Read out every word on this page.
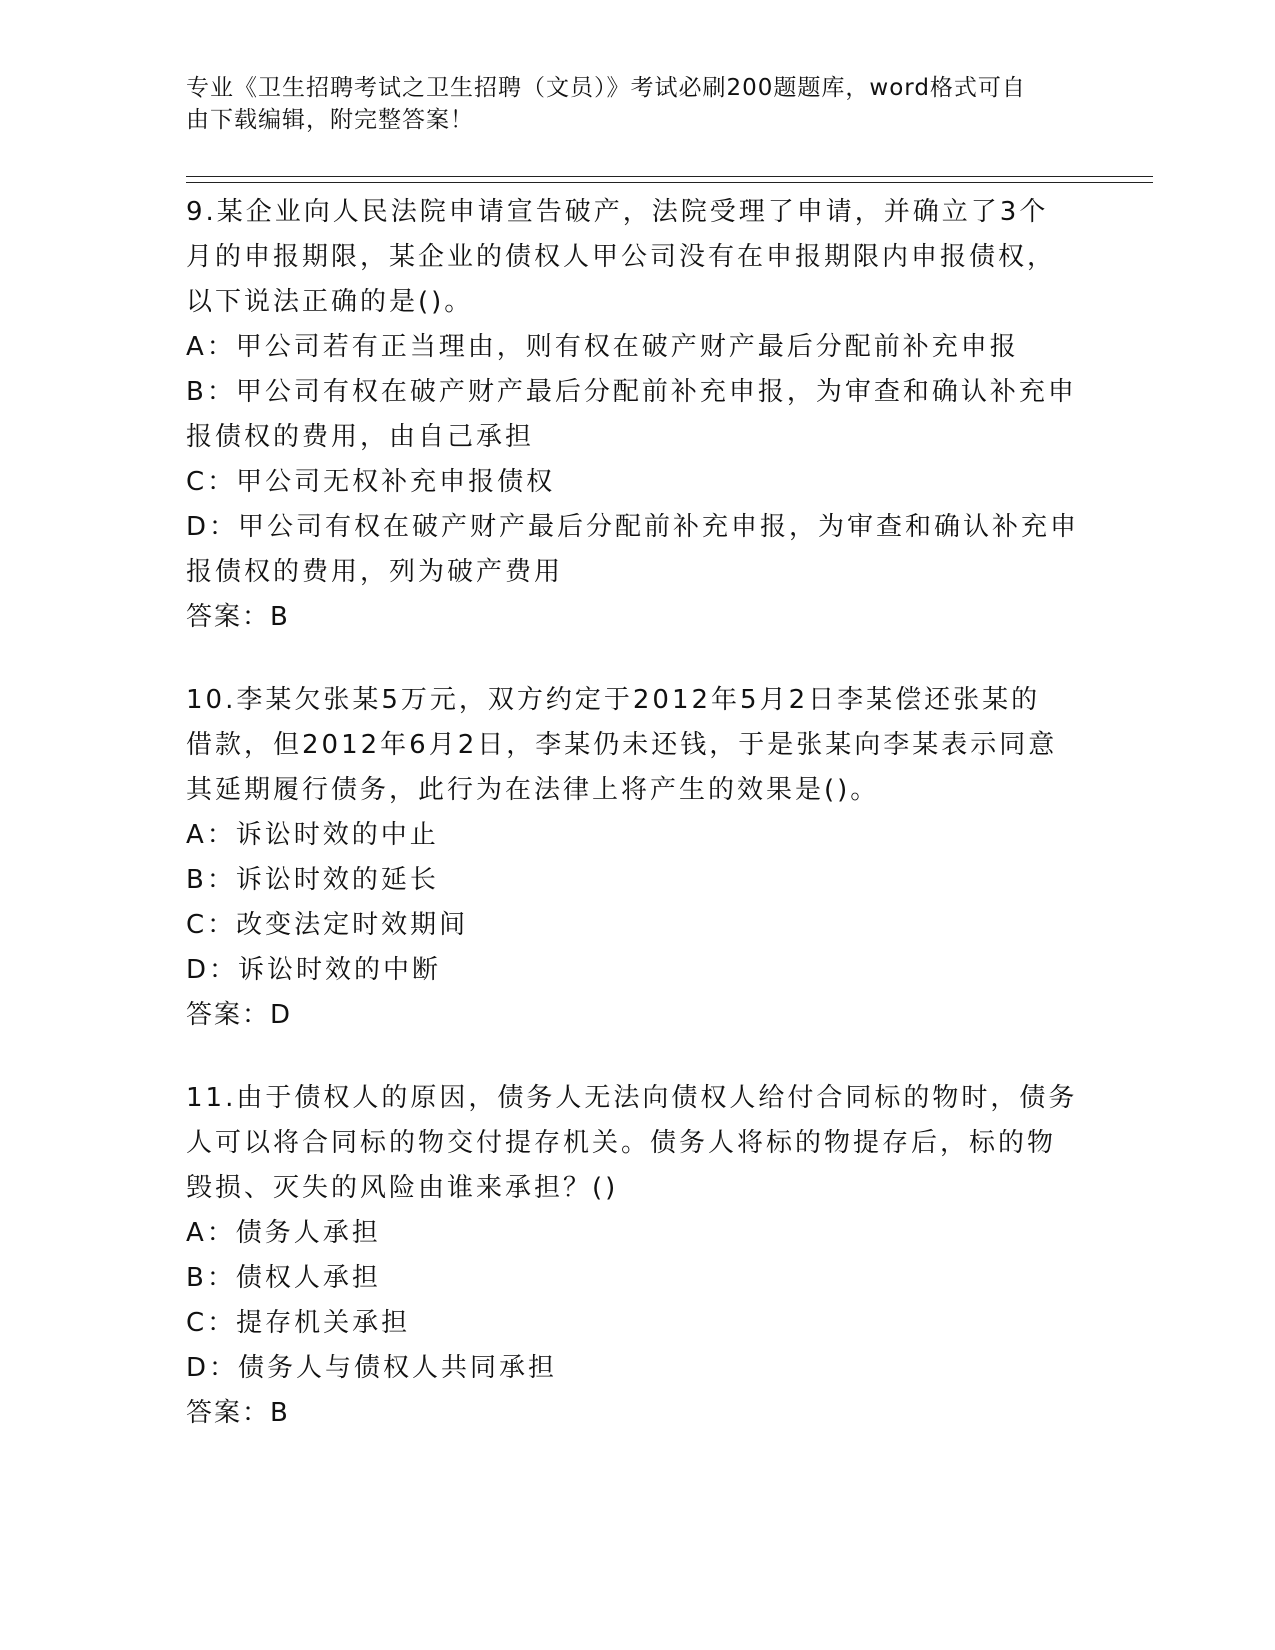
专业《卫生招聘考试之卫生招聘（文员）》考试必刷200题题库，word格式可自
由下载编辑，附完整答案！

9.某企业向人民法院申请宣告破产，法院受理了申请，并确立了3个

月的申报期限，某企业的债权人甲公司没有在申报期限内申报债权，

以下说法正确的是()。

A：甲公司若有正当理由，则有权在破产财产最后分配前补充申报

B：甲公司有权在破产财产最后分配前补充申报，为审查和确认补充申

报债权的费用，由自己承担

C：甲公司无权补充申报债权

D：甲公司有权在破产财产最后分配前补充申报，为审查和确认补充申

报债权的费用，列为破产费用

答案：B

10.李某欠张某5万元，双方约定于2012年5月2日李某偿还张某的

借款，但2012年6月2日，李某仍未还钱，于是张某向李某表示同意

其延期履行债务，此行为在法律上将产生的效果是()。

A：诉讼时效的中止

B：诉讼时效的延长

C：改变法定时效期间

D：诉讼时效的中断

答案：D

11.由于债权人的原因，债务人无法向债权人给付合同标的物时，债务

人可以将合同标的物交付提存机关。债务人将标的物提存后，标的物

毁损、灭失的风险由谁来承担？()

A：债务人承担

B：债权人承担

C：提存机关承担

D：债务人与债权人共同承担

答案：B
